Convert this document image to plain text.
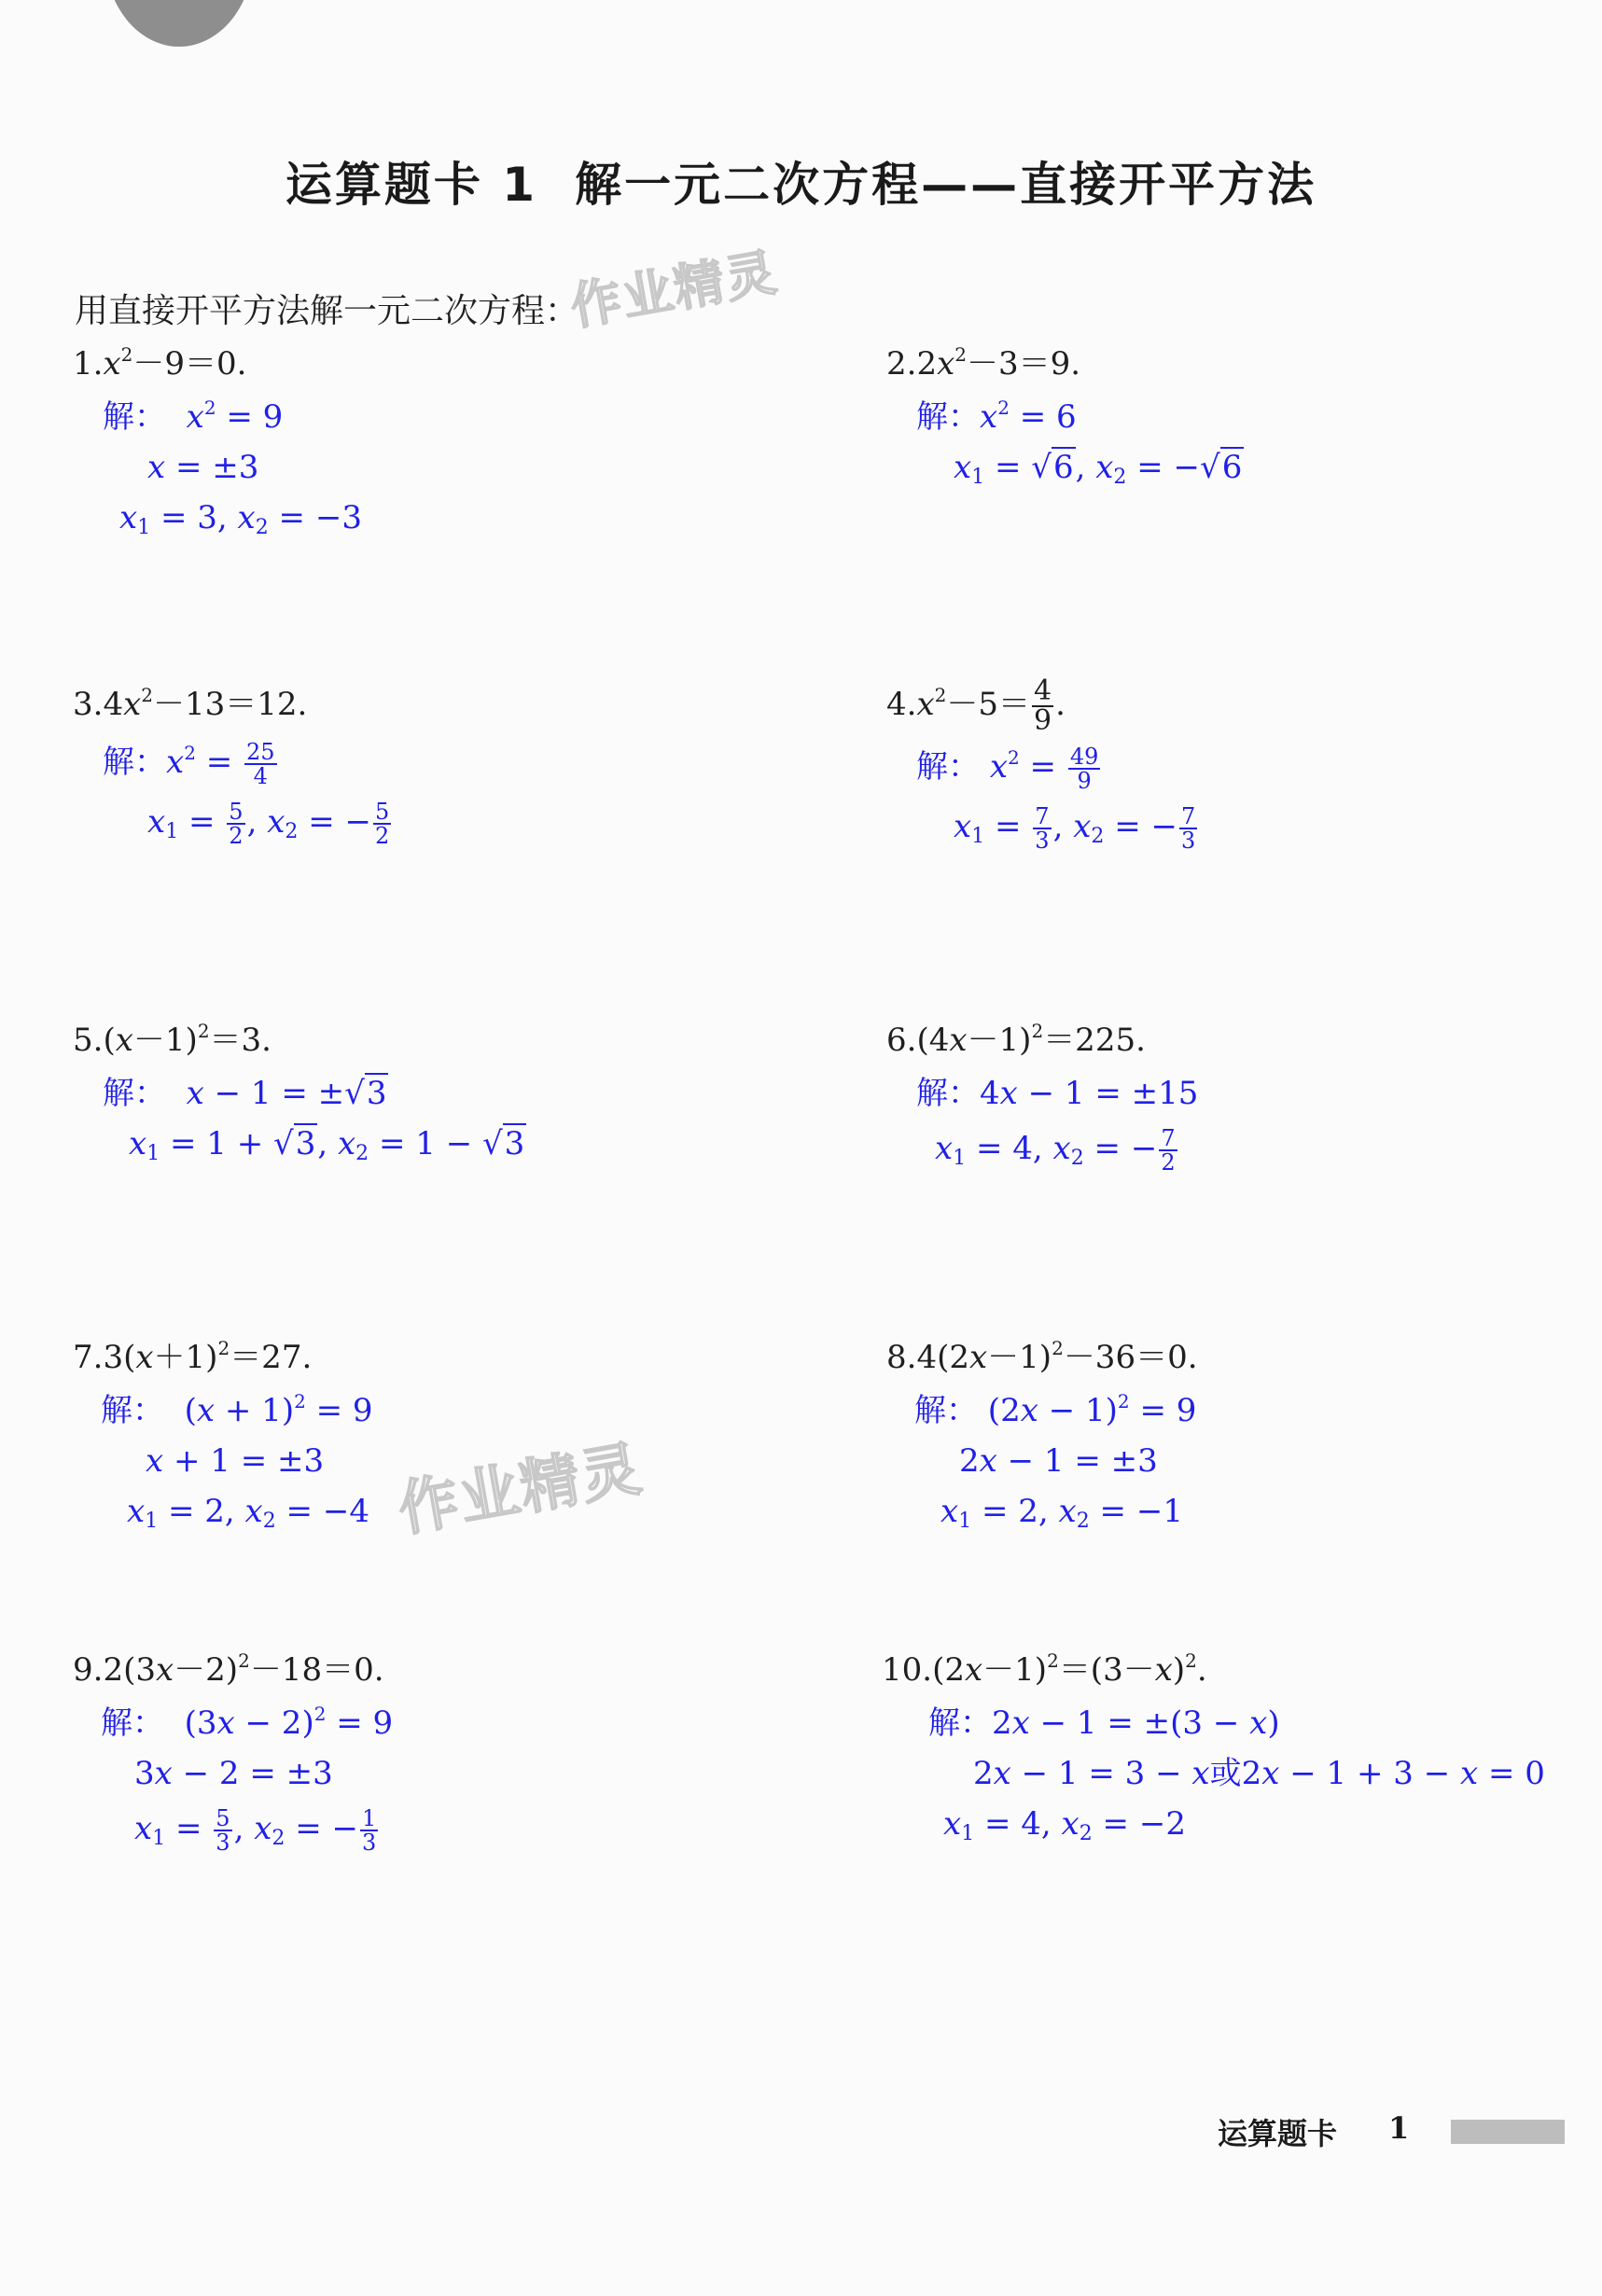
运算题卡 1 解一元二次方程——直接开平方法
作业精灵
作业精灵

用直接开平方法解一元二次方程：

$1.x^2-9=0$.
解： $x^2 = 9$
x = ±3
$x_1 = 3$, $x_2 = -3$
$2.2x^2-3=9$.
解：$x^2 = 6$
$x_1 = √6$, $x_2 = -√6$
$3.4x^2-13=12$.
解：$x^2 = \frac{25}{4}$
$x_1 = \frac{5}{2}$ , $x_2$ = − $\frac{5}{2}$
$4.x^2-5= \frac{4}{9}$ .
解： $x^2 = \frac{49}{9}$
$x_1 = \frac{7}{3}$ , $x_2$ = − $\frac{7}{3}$
$5.(x-1)^2=3$.
解： x − 1 = ±√3
$x_1 = 1 + √3$, $x_2 = 1 - √3$
$6.(4x-1)^2=225$.
解：4x − 1 = ±15
$x_1 = 4$, $x_2$ = − $\frac{7}{2}$
$7.3(x+1)^2=27$.
解：  $(x + 1)^2 = 9$
x + 1 = ±3
$x_1 = 2$, $x_2 = -4$
$8.4(2x-1)^2-36=0$.
解： $(2x - 1)^2 = 9$
2x − 1 = ±3
$x_1 = 2$, $x_2 = -1$
$9.2(3x-2)^2-18=0$.
解：  $(3x - 2)^2 = 9$
3x − 2 = ±3
$x_1 = \frac{5}{3}$ , $x_2$ = − $\frac{1}{3}$
$10.(2x-1)^2=(3-x)^2$.
解：2x − 1 = ±(3 − x)
2x − 1 = 3 − x或2x − 1 + 3 − x = 0
$x_1 = 4$, $x_2 = -2$
运算题卡 1
